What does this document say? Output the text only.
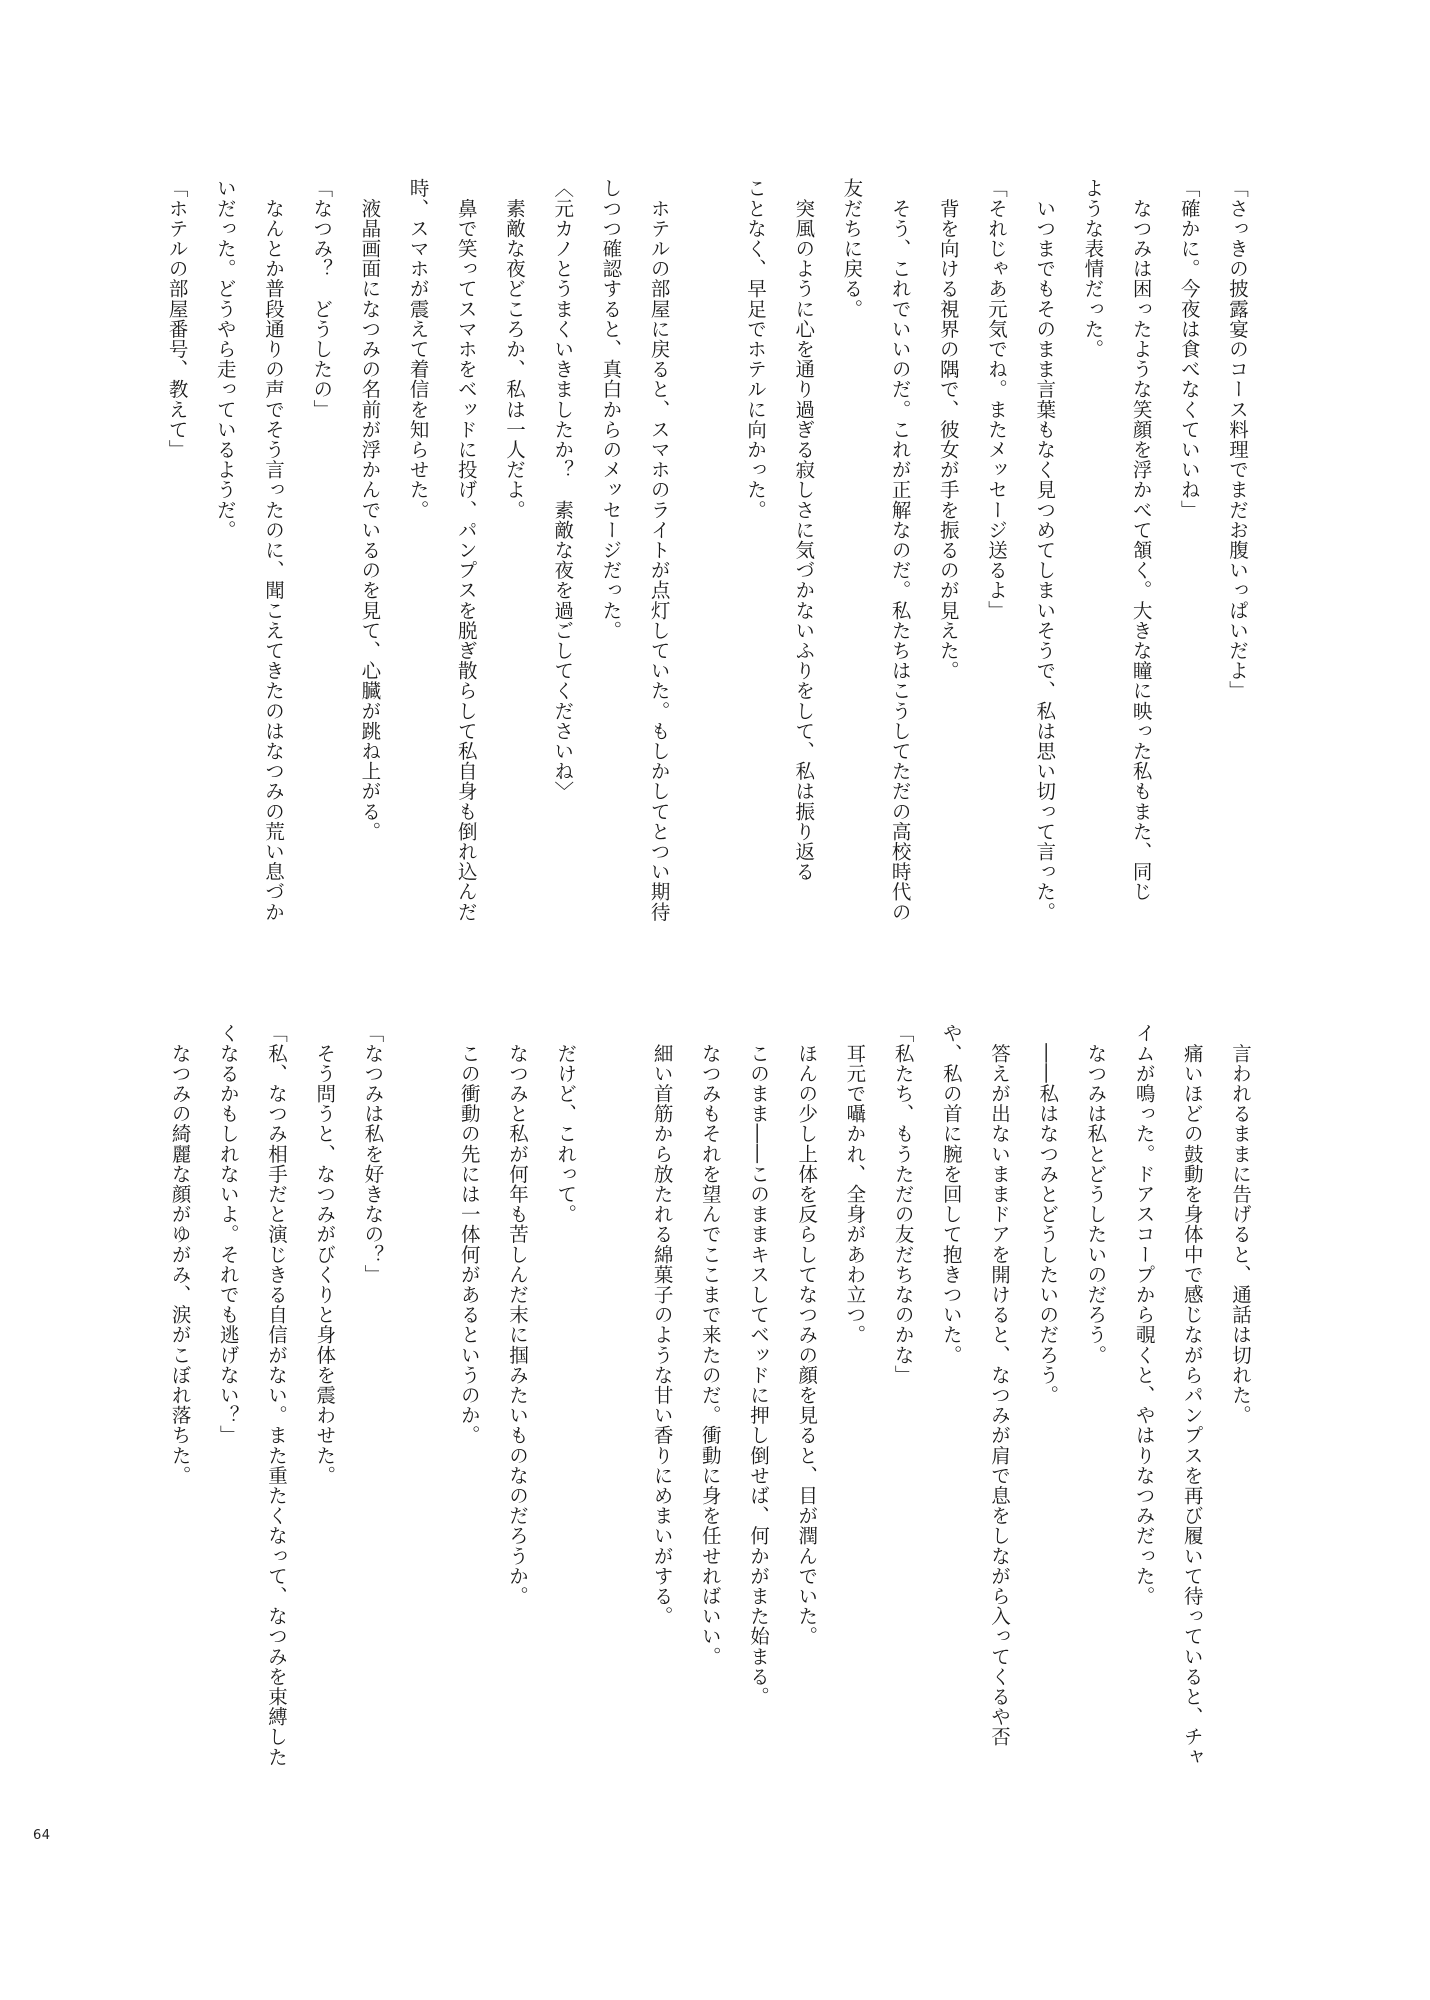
「さっきの披露宴のコース料理でまだお腹いっぱいだよ」
「確かに。今夜は食べなくていいね」
　なつみは困ったような笑顔を浮かべて頷く。大きな瞳に映った私もまた、同じ
ような表情だった。
　いつまでもそのまま言葉もなく見つめてしまいそうで、私は思い切って言った。
「それじゃあ元気でね。またメッセージ送るよ」
　背を向ける視界の隅で、彼女が手を振るのが見えた。
　そう、これでいいのだ。これが正解なのだ。私たちはこうしてただの高校時代の
友だちに戻る。
　突風のように心を通り過ぎる寂しさに気づかないふりをして、私は振り返る
ことなく、早足でホテルに向かった。
　ホテルの部屋に戻ると、スマホのライトが点灯していた。もしかしてとつい期待
しつつ確認すると、真白からのメッセージだった。
〈元カノとうまくいきましたか？　素敵な夜を過ごしてくださいね〉
　素敵な夜どころか、私は一人だよ。
　鼻で笑ってスマホをベッドに投げ、パンプスを脱ぎ散らして私自身も倒れ込んだ
時、スマホが震えて着信を知らせた。
　液晶画面になつみの名前が浮かんでいるのを見て、心臓が跳ね上がる。
「なつみ？　どうしたの」
　なんとか普段通りの声でそう言ったのに、聞こえてきたのはなつみの荒い息づか
いだった。どうやら走っているようだ。
「ホテルの部屋番号、教えて」
　言われるままに告げると、通話は切れた。
　痛いほどの鼓動を身体中で感じながらパンプスを再び履いて待っていると、チャ
イムが鳴った。ドアスコープから覗くと、やはりなつみだった。
　なつみは私とどうしたいのだろう。
　――私はなつみとどうしたいのだろう。
　答えが出ないままドアを開けると、なつみが肩で息をしながら入ってくるや否
や、私の首に腕を回して抱きついた。
「私たち、もうただの友だちなのかな」
　耳元で囁かれ、全身があわ立つ。
　ほんの少し上体を反らしてなつみの顔を見ると、目が潤んでいた。
　このまま――このままキスしてベッドに押し倒せば、何かがまた始まる。
　なつみもそれを望んでここまで来たのだ。衝動に身を任せればいい。
　細い首筋から放たれる綿菓子のような甘い香りにめまいがする。
　だけど、これって。
　なつみと私が何年も苦しんだ末に掴みたいものなのだろうか。
　この衝動の先には一体何があるというのか。
「なつみは私を好きなの？」
　そう問うと、なつみがびくりと身体を震わせた。
「私、なつみ相手だと演じきる自信がない。また重たくなって、なつみを束縛した
くなるかもしれないよ。それでも逃げない？」
　なつみの綺麗な顔がゆがみ、涙がこぼれ落ちた。
64
